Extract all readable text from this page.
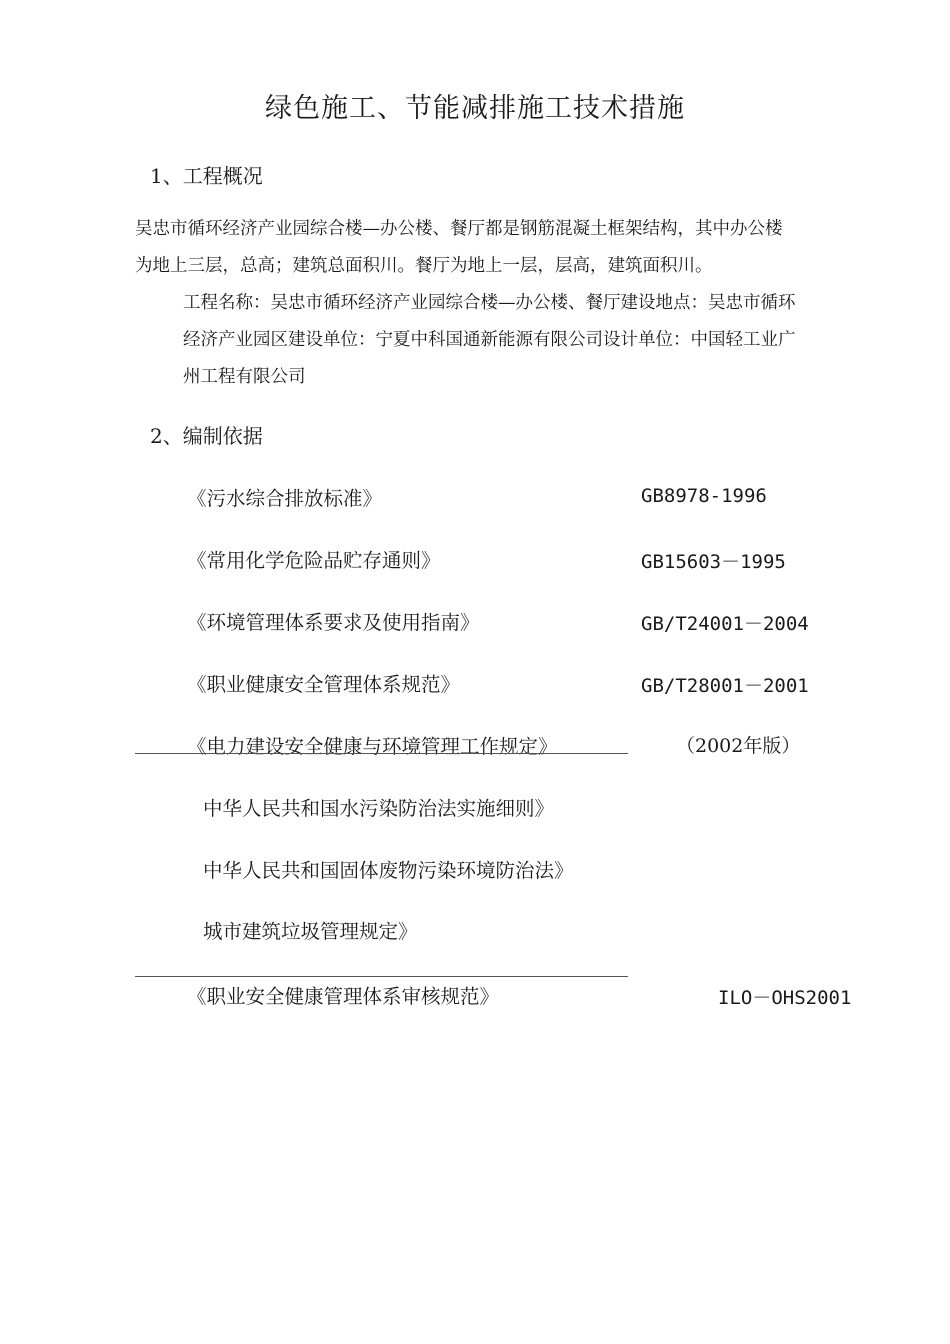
绿色施工、节能减排施工技术措施
1、工程概况
吴忠市循环经济产业园综合楼—办公楼、餐厅都是钢筋混凝土框架结构，其中办公楼
为地上三层，总高；建筑总面积川。餐厅为地上一层，层高，建筑面积川。
工程名称：吴忠市循环经济产业园综合楼—办公楼、餐厅建设地点：吴忠市循环
经济产业园区建设单位：宁夏中科国通新能源有限公司设计单位：中国轻工业广
州工程有限公司
2、编制依据
《污水综合排放标准》	GB8978-1996
《常用化学危险品贮存通则》	GB15603－1995
《环境管理体系要求及使用指南》	GB/T24001－2004
《职业健康安全管理体系规范》	GB/T28001－2001
《电力建设安全健康与环境管理工作规定》	（2002年版）
中华人民共和国水污染防治法实施细则》
中华人民共和国固体废物污染环境防治法》
城市建筑垃圾管理规定》
《职业安全健康管理体系审核规范》	ILO－OHS2001
